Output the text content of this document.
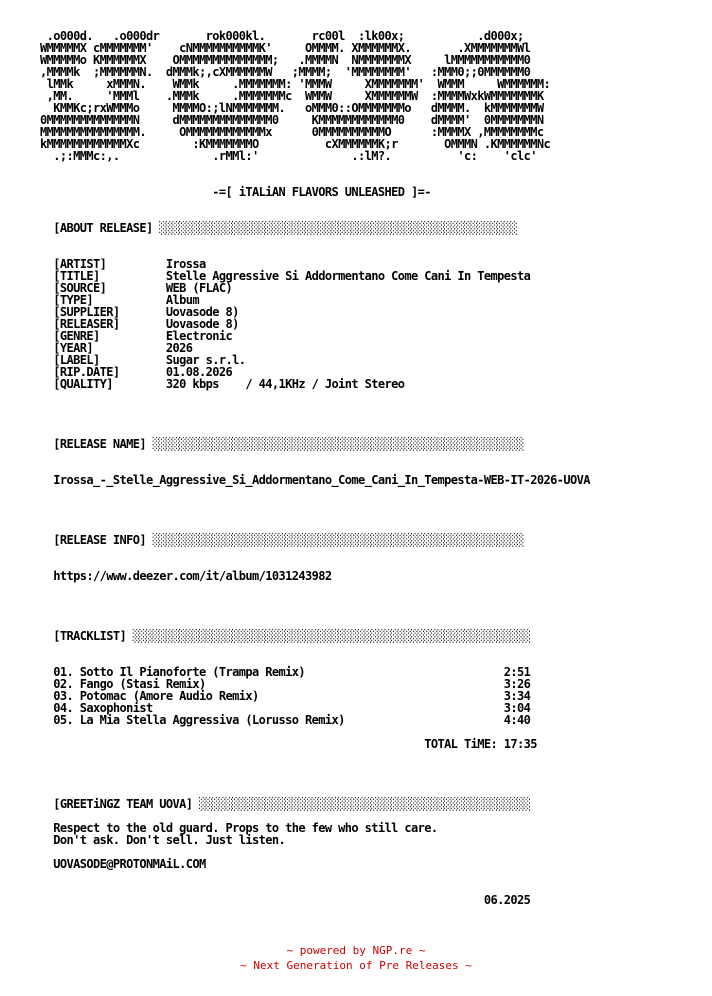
.o000d.   .o000dr       rok000kl.       rc00l  :lk00x;           .d000x;
WMMMMMX cMMMMMMM'    cNMMMMMMMMMMK'     OMMMM. XMMMMMMX.       .XMMMMMMMWl
WMMMMMo KMMMMMMX    OMMMMMMMMMMMMMM;   .MMMMN  NMMMMMMMX     lMMMMMMMMMMM0
,MMMMk  ;MMMMMMN.  dMMMk;,cXMMMMMMW   ;MMMM;  'MMMMMMMM'   :MMM0;;0MMMMMM0
lMMk     xMMMN.    WMMk     .MMMMMMM: 'MMMW     XMMMMMMM'  WMMM     WMMMMMM:
,MM.     'MMMl    .MMMk     .MMMMMMMc  WMMW     XMMMMMMW  :MMMMWxkWMMMMMMMK
KMMKc;rxWMMMo     MMMMO:;lNMMMMMMM.   oMMM0::OMMMMMMMo   dMMMM.  kMMMMMMMW
0MMMMMMMMMMMMMN     dMMMMMMMMMMMMMM0     KMMMMMMMMMMMM0    dMMMM'  0MMMMMMMN
MMMMMMMMMMMMMMM.     OMMMMMMMMMMMMx      0MMMMMMMMMMO      :MMMMX ,MMMMMMMMc
kMMMMMMMMMMMMXc        :KMMMMMMMO          cXMMMMMMK;r       OMMMN .KMMMMMMNc
.;:MMMc:,.              .rMMl:'              .:lM?.          'c:    'clc'

-=[ iTALiAN FLAVORS UNLEASHED ]=-

[ABOUT RELEASE] ░░░░░░░░░░░░░░░░░░░░░░░░░░░░░░░░░░░░░░░░░░░░░░░░░░░░░░

[ARTIST]         Irossa
[TITLE]          Stelle Aggressive Si Addormentano Come Cani In Tempesta
[SOURCE]         WEB (FLAC)
[TYPE]           Album
[SUPPLIER]       Uovasode 8)
[RELEASER]       Uovasode 8)
[GENRE]          Electronic
[YEAR]           2026
[LABEL]          Sugar s.r.l.
[RIP.DATE]       01.08.2026
[QUALITY]        320 kbps    / 44,1KHz / Joint Stereo

[RELEASE NAME] ░░░░░░░░░░░░░░░░░░░░░░░░░░░░░░░░░░░░░░░░░░░░░░░░░░░░░░░░

Irossa_-_Stelle_Aggressive_Si_Addormentano_Come_Cani_In_Tempesta-WEB-IT-2026-UOVA

[RELEASE INFO] ░░░░░░░░░░░░░░░░░░░░░░░░░░░░░░░░░░░░░░░░░░░░░░░░░░░░░░░░

https://www.deezer.com/it/album/1031243982

[TRACKLIST] ░░░░░░░░░░░░░░░░░░░░░░░░░░░░░░░░░░░░░░░░░░░░░░░░░░░░░░░░░░░░

01. Sotto Il Pianoforte (Trampa Remix)                              2:51
02. Fango (Stasi Remix)                                             3:26
03. Potomac (Amore Audio Remix)                                     3:34
04. Saxophonist                                                     3:04
05. La Mia Stella Aggressiva (Lorusso Remix)                        4:40

TOTAL TiME: 17:35

[GREETiNGZ TEAM UOVA] ░░░░░░░░░░░░░░░░░░░░░░░░░░░░░░░░░░░░░░░░░░░░░░░░░░

Respect to the old guard. Props to the few who still care.
Don't ask. Don't sell. Just listen.

UOVASODE@PROTONMAiL.COM

06.2025
~ powered by NGP.re ~
~ Next Generation of Pre Releases ~
